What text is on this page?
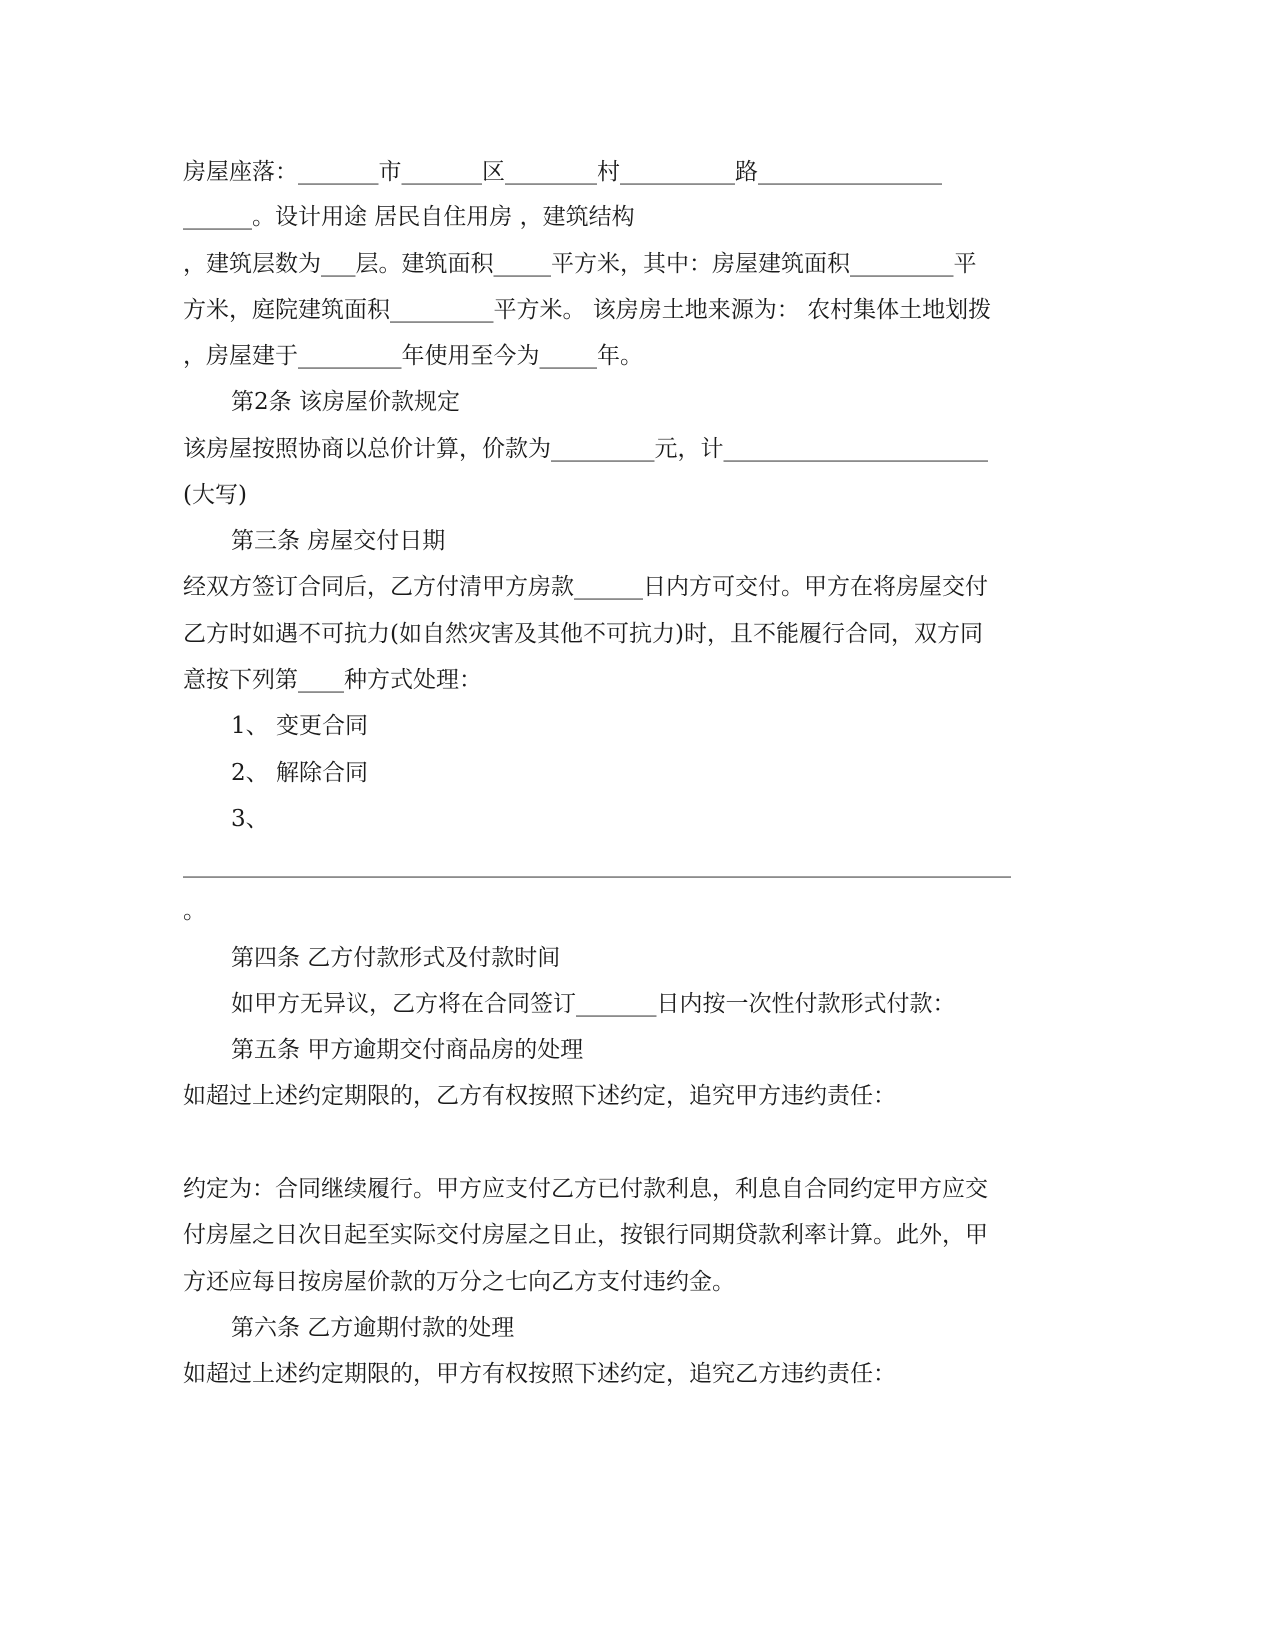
房屋座落：_______市_______区________村__________路________________
______。设计用途 居民自住用房 ，建筑结构
，建筑层数为___层。建筑面积_____平方米，其中：房屋建筑面积_________平
方米，庭院建筑面积_________平方米。 该房房土地来源为： 农村集体土地划拨
，房屋建于_________年使用至今为_____年。
第2条 该房屋价款规定
该房屋按照协商以总价计算，价款为_________元，计_______________________
(大写)
第三条 房屋交付日期
经双方签订合同后，乙方付清甲方房款______日内方可交付。甲方在将房屋交付
乙方时如遇不可抗力(如自然灾害及其他不可抗力)时，且不能履行合同，双方同
意按下列第____种方式处理：
1、 变更合同
2、 解除合同
3、
________________________________________________________________________
。
第四条 乙方付款形式及付款时间
如甲方无异议，乙方将在合同签订_______日内按一次性付款形式付款：
第五条 甲方逾期交付商品房的处理
如超过上述约定期限的，乙方有权按照下述约定，追究甲方违约责任：
约定为：合同继续履行。甲方应支付乙方已付款利息，利息自合同约定甲方应交
付房屋之日次日起至实际交付房屋之日止，按银行同期贷款利率计算。此外，甲
方还应每日按房屋价款的万分之七向乙方支付违约金。
第六条 乙方逾期付款的处理
如超过上述约定期限的，甲方有权按照下述约定，追究乙方违约责任：
